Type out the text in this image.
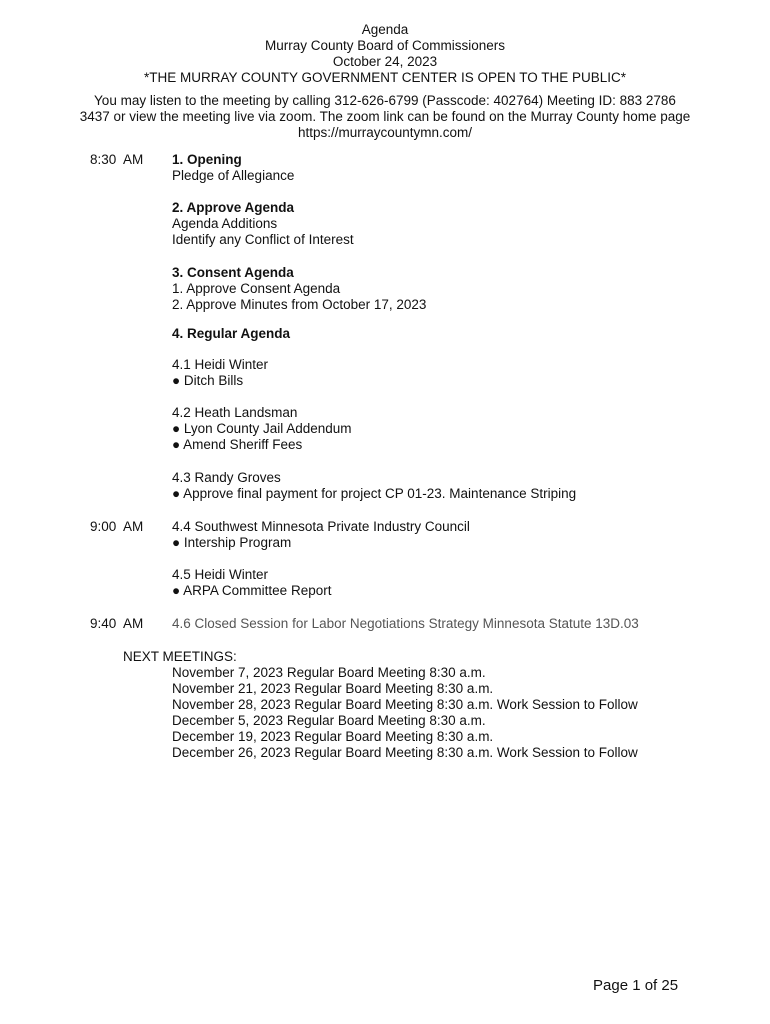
Agenda
Murray County Board of Commissioners
October 24, 2023
*THE MURRAY COUNTY GOVERNMENT CENTER IS OPEN TO THE PUBLIC*
You may listen to the meeting by calling 312-626-6799 (Passcode: 402764) Meeting ID: 883 2786
3437 or view the meeting live via zoom. The zoom link can be found on the Murray County home page
https://murraycountymn.com/
8:30  AM
9:00  AM
9:40  AM
1. Opening
Pledge of Allegiance
2. Approve Agenda
Agenda Additions
Identify any Conflict of Interest
3. Consent Agenda
1. Approve Consent Agenda
2. Approve Minutes from October 17, 2023
4. Regular Agenda
4.1 Heidi Winter
● Ditch Bills
4.2 Heath Landsman
● Lyon County Jail Addendum
● Amend Sheriff Fees
4.3 Randy Groves
● Approve final payment for project CP 01-23. Maintenance Striping
4.4 Southwest Minnesota Private Industry Council
● Intership Program
4.5 Heidi Winter
● ARPA Committee Report
4.6 Closed Session for Labor Negotiations Strategy Minnesota Statute 13D.03
NEXT MEETINGS:
November 7, 2023 Regular Board Meeting 8:30 a.m.
November 21, 2023 Regular Board Meeting 8:30 a.m.
November 28, 2023 Regular Board Meeting 8:30 a.m. Work Session to Follow
December 5, 2023 Regular Board Meeting 8:30 a.m.
December 19, 2023 Regular Board Meeting 8:30 a.m.
December 26, 2023 Regular Board Meeting 8:30 a.m. Work Session to Follow
Page 1 of 25
